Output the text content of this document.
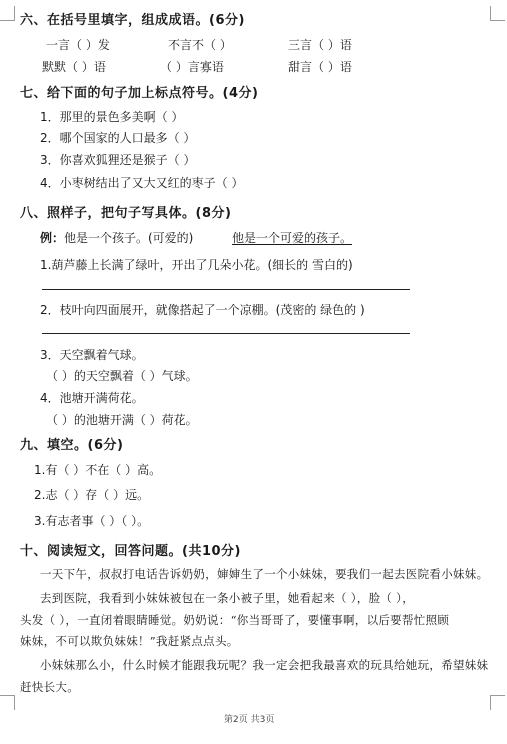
六、在括号里填字，组成成语。(6分)
一言（ ）发	不言不（ ）	三言（ ）语
默默（ ）语	（ ）言寡语	甜言（ ）语
七、给下面的句子加上标点符号。(4分)
1．那里的景色多美啊（ ）
2．哪个国家的人口最多（ ）
3．你喜欢狐狸还是猴子（ ）
4．小枣树结出了又大又红的枣子（ ）
八、照样子，把句子写具体。(8分)
例： 他是一个孩子。(可爱的)	他是一个可爱的孩子。
1.葫芦藤上长满了绿叶，开出了几朵小花。(细长的 雪白的)
2．枝叶向四面展开，就像搭起了一个凉棚。(茂密的 绿色的 )
3．天空飘着气球。
（ ）的天空飘着（ ）气球。
4．池塘开满荷花。
（ ）的池塘开满（ ）荷花。
九、填空。(6分)
1.有（ ）不在（ ）高。
2.志（ ）存（ ）远。
3.有志者事（ ）（ ）。
十、阅读短文，回答问题。(共10分)
一天下午，叔叔打电话告诉奶奶，婶婶生了一个小妹妹，要我们一起去医院看小妹妹。
去到医院，我看到小妹妹被包在一条小被子里，她看起来（ ），脸（ ），
头发（ ），一直闭着眼睛睡觉。奶奶说：“你当哥哥了，要懂事啊，以后要帮忙照顾
妹妹，不可以欺负妹妹！”我赶紧点点头。
小妹妹那么小，什么时候才能跟我玩呢？我一定会把我最喜欢的玩具给她玩，希望妹妹
赶快长大。
第2页 共3页
